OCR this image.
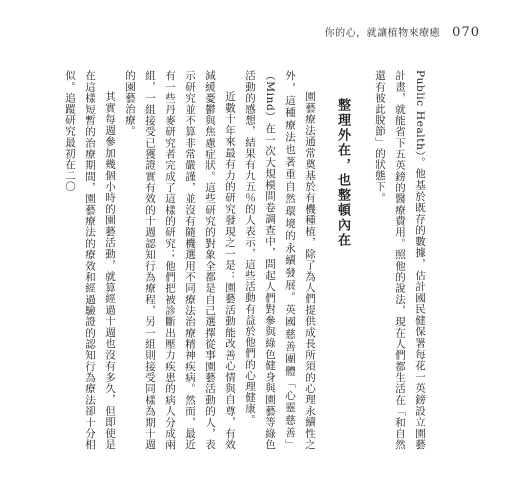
你的心，就讓植物來療癒 070

Public Health）。他基於既存的數據，估計國民健保署每花一英鎊設立園藝計畫，就能省下五英鎊的醫療費用。照他的說法，現在人們都生活在「和自然還有彼此脫節」的狀態下。

整理外在，也整頓內在

園藝療法通常奠基於有機種植，除了為人們提供成長所須的心理永續性之外，這種療法也著重自然環境的永續發展。英國慈善團體「心靈慈善」（Mind）在一次大規模問卷調查中，問起人們對參與綠色健身與園藝等綠色活動的感想，結果有九五％的人表示，這些活動有益於他們的心理健康。

近數十年來最有力的研究發現之一是：園藝活動能改善心情與自尊，有效減緩憂鬱與焦慮症狀。這些研究的對象全都是自己選擇從事園藝活動的人，表示研究並不算非常嚴謹，並沒有隨機選用不同療法治療精神疾病。然而，最近有一些丹麥研究者完成了這樣的研究；他們把被診斷出壓力疾患的病人分成兩組，一組接受已獲證實有效的十週認知行為療程，另一組則接受同樣為期十週的園藝治療。

其實每週參加幾個小時的園藝活動，就算經過十週也沒有多久，但即使是在這樣短暫的治療期間，園藝療法的療效和經過驗證的認知行為療法卻十分相似。追蹤研究最初在二〇
